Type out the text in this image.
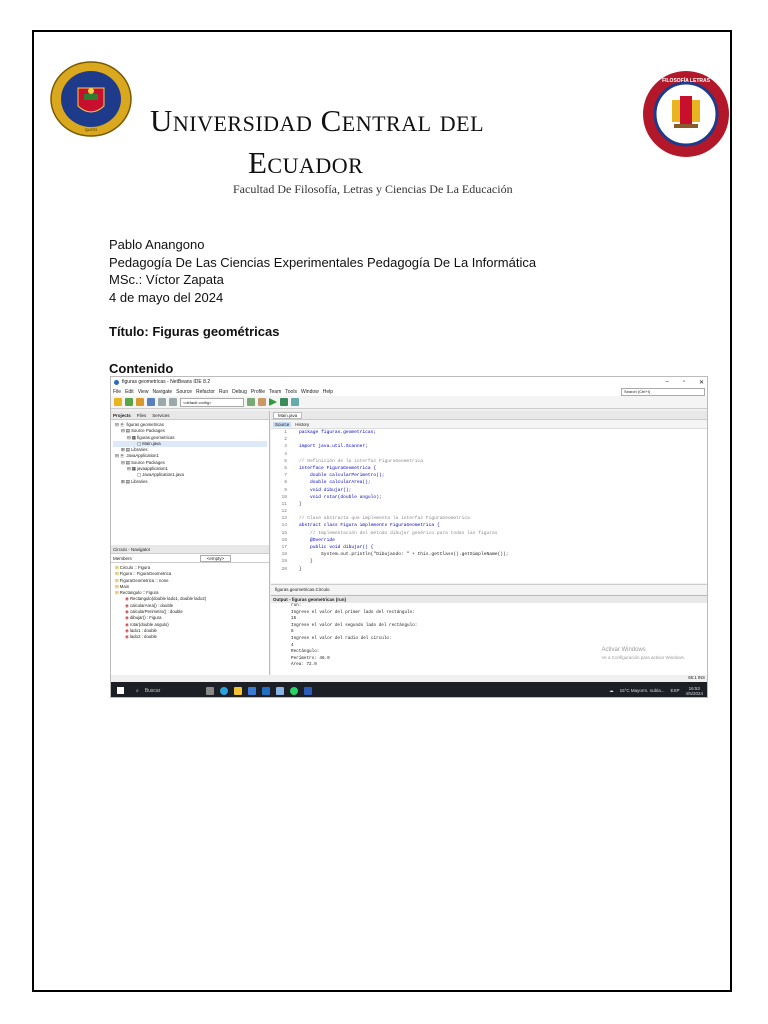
QUITO
FILOSOFÍA LETRAS
Universidad Central del
Ecuador
Facultad De Filosofía, Letras y Ciencias De La Educación
Pablo Anangono
Pedagogía De Las Ciencias Experimentales Pedagogía De La Informática
MSc.: Víctor Zapata
4 de mayo del 2024
Título: Figuras geométricas
Contenido
figuras geometricas - NetBeans IDE 8.2	– ▫ ✕
File Edit View Navigate Source Refactor Run Debug Profile Team Tools Window Help	Search (Ctrl+I)
<default config>
Projects Files Services
⊟ ☕ figuras geometricas
⊟ ▤ Source Packages
⊟ ▦ figuras.geometricas
▢ Main.java
⊞ ▤ Libraries
⊟ ☕ JavaApplication1
⊟ ▤ Source Packages
⊟ ▦ javaapplication1
▢ JavaApplication1.java
⊞ ▤ Libraries
Circulo - Navigator
Members	<empty>
⊞ Circulo :: Figura
⊞ Figura :: FiguraGeometrica
⊞ FiguraGeometrica :: none
⊞ Main
⊞ Rectangulo :: Figura
◉ Rectangulo(double lado1, double lado2)
◉ calcularArea() : double
◉ calcularPerimetro() : double
◉ dibujar() : Figura
◉ rotar(double angulo)
◉ lado1 : double
◉ lado2 : double
Main.java
Source	History
1	package figuras.geometricas;
2
3	import java.util.Scanner;
4
5	// Definición de la interfaz FiguraGeometrica
6	interface FiguraGeometrica {
7	double calcularPerimetro();
8	double calcularArea();
9	void dibujar();
10	void rotar(double angulo);
11	}
12
13	// Clase abstracta que implementa la interfaz FiguraGeometrica
14	abstract class Figura implements FiguraGeometrica {
15	// Implementación del método dibujar genérico para todas las figuras
16	@Override
17	public void dibujar() {
18	System.out.println("Dibujando: " + this.getClass().getSimpleName());
19	}
20	}
figuras.geometricas.Circulo
Output - figuras geometricas (run)
run:
Ingrese el valor del primer lado del rectángulo:
15
Ingrese el valor del segundo lado del rectángulo:
8
Ingrese el valor del radio del círculo:
4
Rectángulo:
Perímetro: 46.0
Área: 72.0
Activar Windows
Ve a Configuración para activar Windows.
65:1 INS
⌕ Buscar	☁ 15°C Mayorm. nubla... ESP	16:53
4/5/2024
